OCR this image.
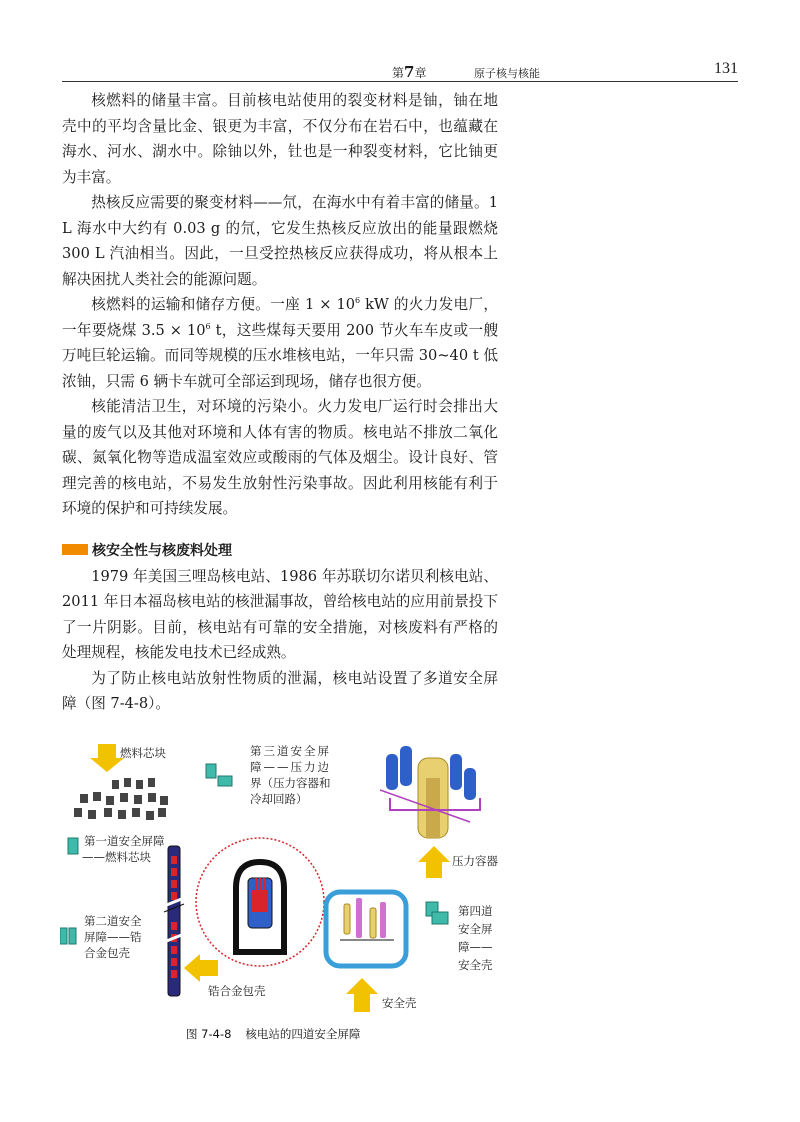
第7章	原子核与核能	131

核燃料的储量丰富。目前核电站使用的裂变材料是铀，铀在地壳中的平均含量比金、银更为丰富，不仅分布在岩石中，也蕴藏在海水、河水、湖水中。除铀以外，钍也是一种裂变材料，它比铀更为丰富。

热核反应需要的聚变材料——氘，在海水中有着丰富的储量。1 L 海水中大约有 0.03 g 的氘，它发生热核反应放出的能量跟燃烧 300 L 汽油相当。因此，一旦受控热核反应获得成功，将从根本上解决困扰人类社会的能源问题。

核燃料的运输和储存方便。一座 $1 \times 10^6$ kW 的火力发电厂，一年要烧煤 $3.5 \times 10^6$ t，这些煤每天要用 200 节火车车皮或一艘万吨巨轮运输。而同等规模的压水堆核电站，一年只需 30~40 t 低浓铀，只需 6 辆卡车就可全部运到现场，储存也很方便。

核能清洁卫生，对环境的污染小。火力发电厂运行时会排出大量的废气以及其他对环境和人体有害的物质。核电站不排放二氧化碳、氮氧化物等造成温室效应或酸雨的气体及烟尘。设计良好、管理完善的核电站，不易发生放射性污染事故。因此利用核能有利于环境的保护和可持续发展。

核安全性与核废料处理

1979 年美国三哩岛核电站、1986 年苏联切尔诺贝利核电站、2011 年日本福岛核电站的核泄漏事故，曾给核电站的应用前景投下了一片阴影。目前，核电站有可靠的安全措施，对核废料有严格的处理规程，核能发电技术已经成熟。

为了防止核电站放射性物质的泄漏，核电站设置了多道安全屏障（图 7-4-8）。

燃料芯块
第一道安全屏障
——燃料芯块
第二道安全
屏障——锆
合金包壳
锆合金包壳
第三道安全屏
障——压力边
界（压力容器和
冷却回路）
压力容器
第四道
安全屏
障——
安全壳
安全壳
图 7-4-8 核电站的四道安全屏障
